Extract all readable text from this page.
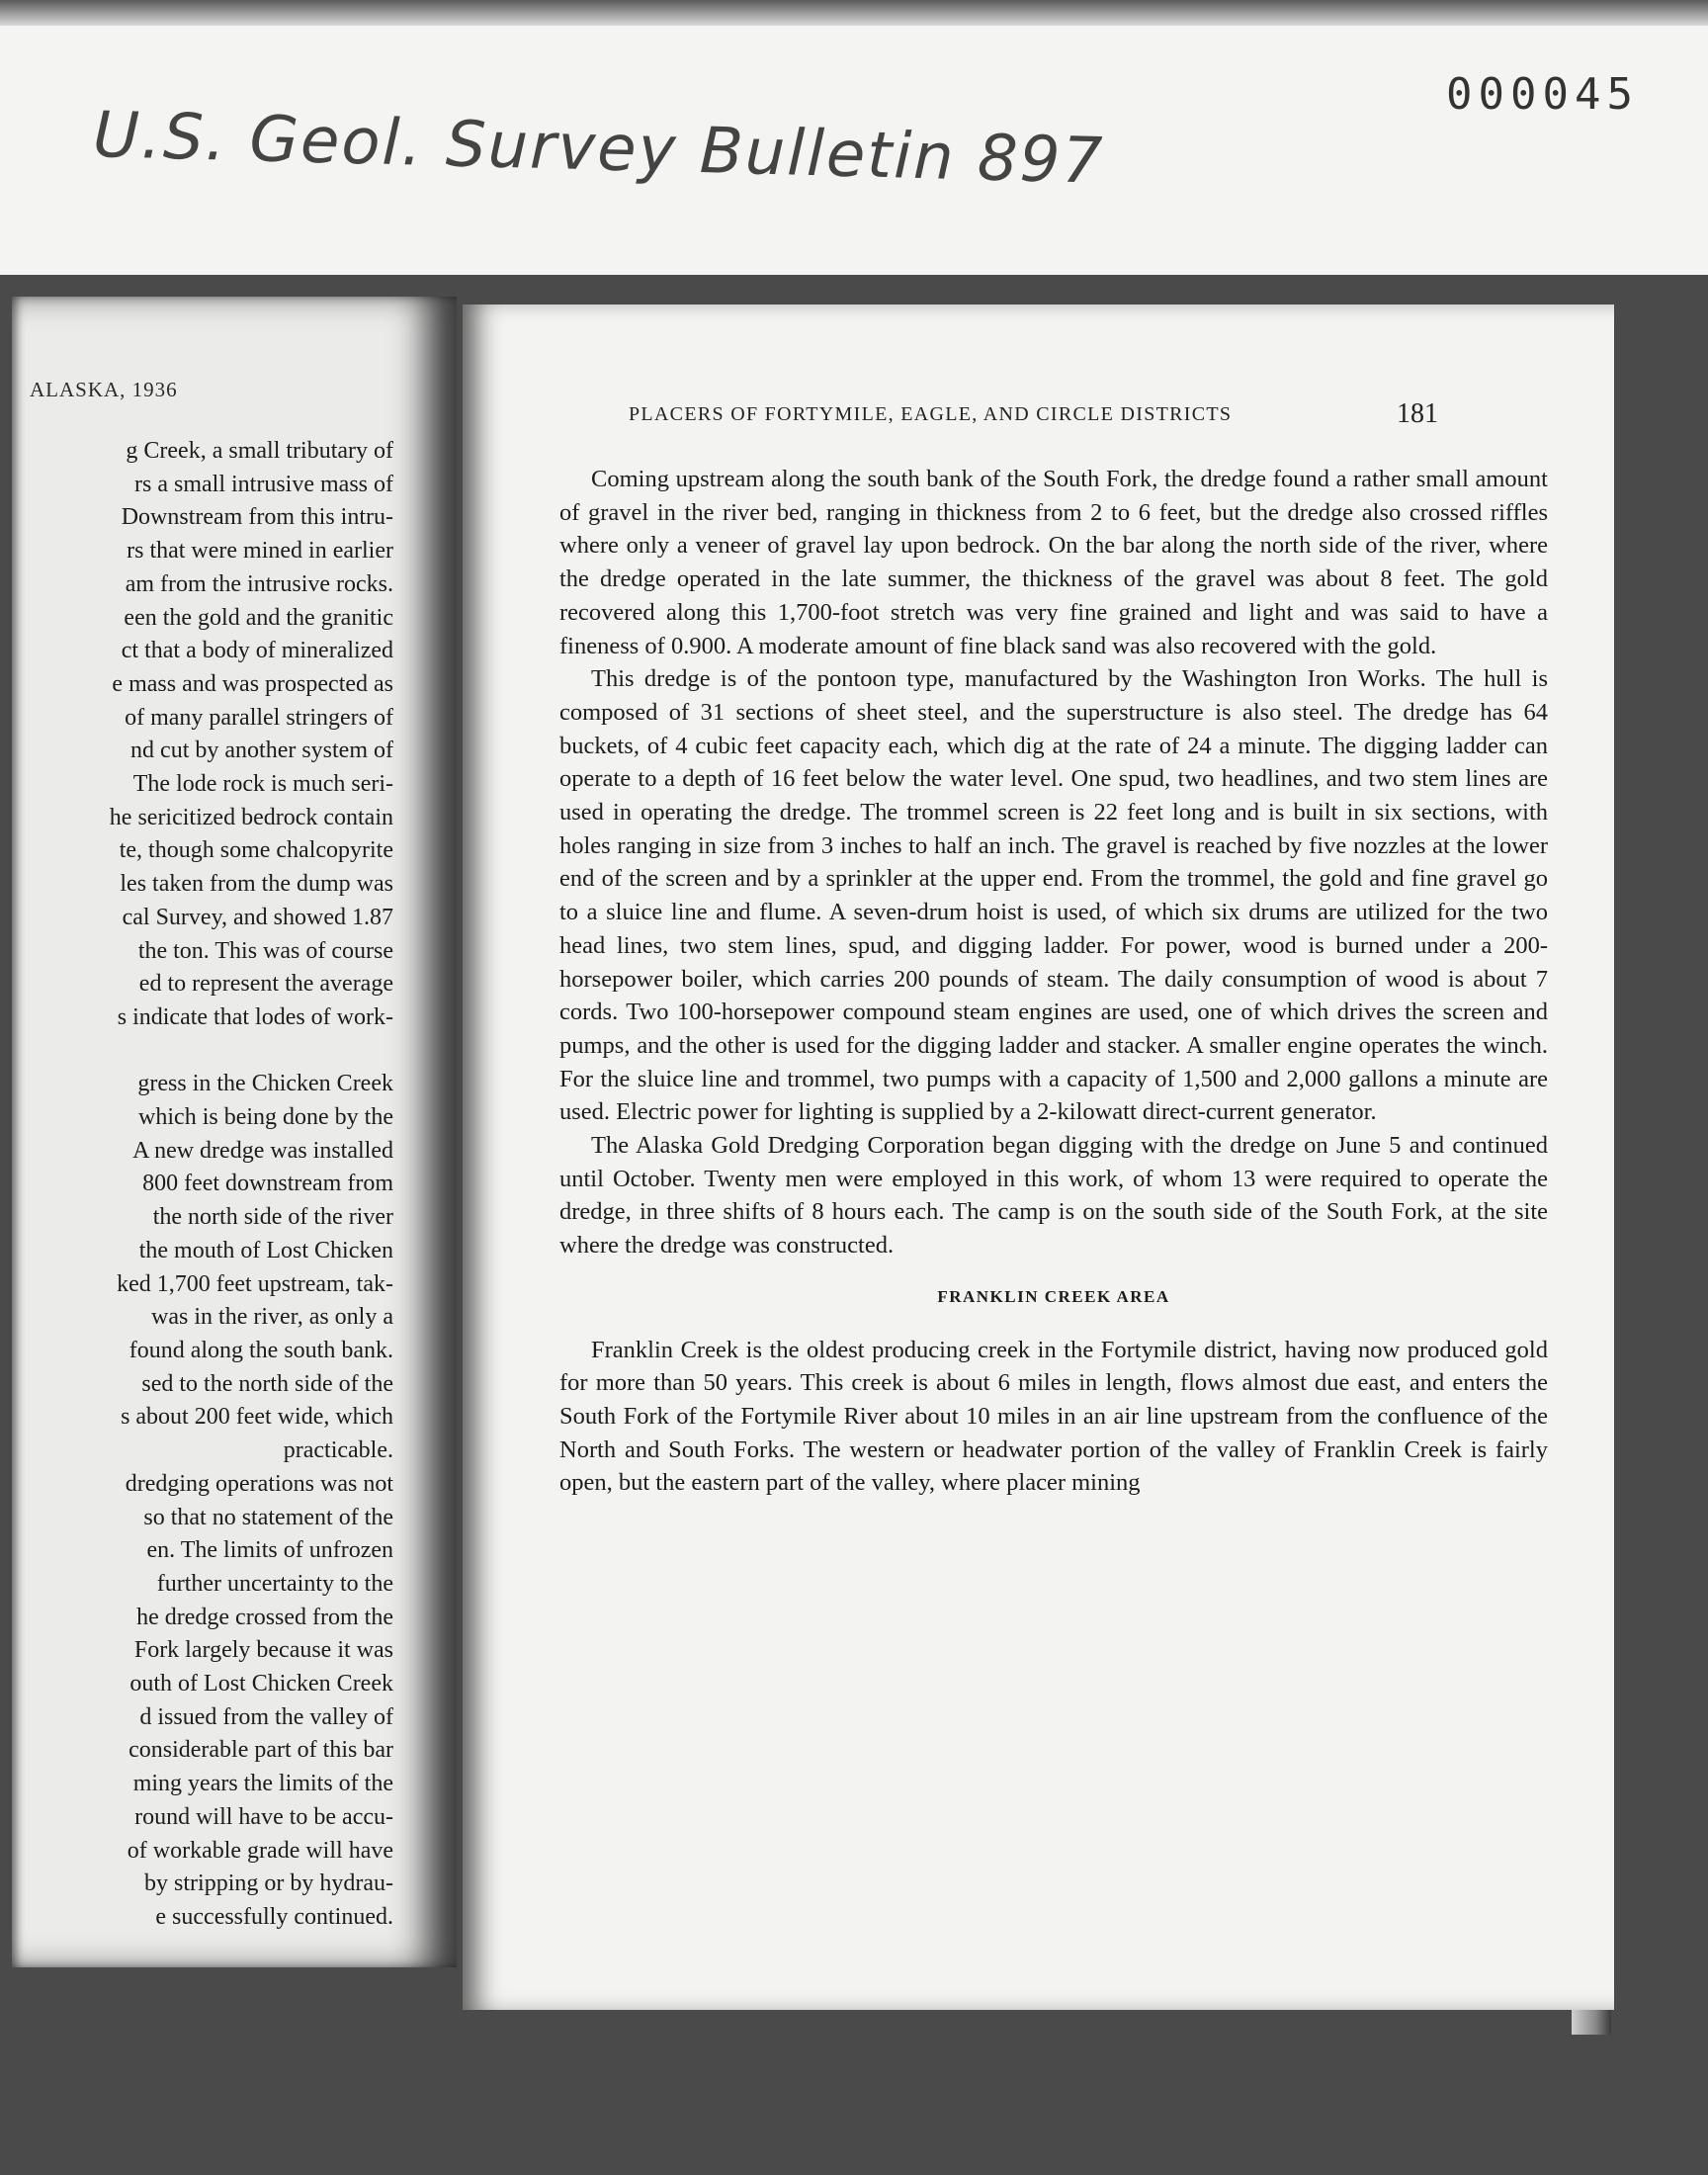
U.S. Geol. Survey Bulletin 897
000045
ALASKA, 1936
g Creek, a small tributary of
rs a small intrusive mass of
Downstream from this intru-
rs that were mined in earlier
am from the intrusive rocks.
een the gold and the granitic
ct that a body of mineralized
e mass and was prospected as
of many parallel stringers of
nd cut by another system of
The lode rock is much seri-
he sericitized bedrock contain
te, though some chalcopyrite
les taken from the dump was
cal Survey, and showed 1.87
the ton. This was of course
ed to represent the average
s indicate that lodes of work-

gress in the Chicken Creek
which is being done by the
A new dredge was installed
800 feet downstream from
the north side of the river
the mouth of Lost Chicken
ked 1,700 feet upstream, tak-
was in the river, as only a
found along the south bank.
sed to the north side of the
s about 200 feet wide, which
practicable.
dredging operations was not
so that no statement of the
en. The limits of unfrozen
further uncertainty to the
he dredge crossed from the
Fork largely because it was
outh of Lost Chicken Creek
d issued from the valley of
considerable part of this bar
ming years the limits of the
round will have to be accu-
of workable grade will have
by stripping or by hydrau-
e successfully continued.
PLACERS OF FORTYMILE, EAGLE, AND CIRCLE DISTRICTS	181

Coming upstream along the south bank of the South Fork, the dredge found a rather small amount of gravel in the river bed, ranging in thickness from 2 to 6 feet, but the dredge also crossed riffles where only a veneer of gravel lay upon bedrock. On the bar along the north side of the river, where the dredge operated in the late summer, the thickness of the gravel was about 8 feet. The gold recovered along this 1,700-foot stretch was very fine grained and light and was said to have a fineness of 0.900. A moderate amount of fine black sand was also recovered with the gold.

This dredge is of the pontoon type, manufactured by the Washington Iron Works. The hull is composed of 31 sections of sheet steel, and the superstructure is also steel. The dredge has 64 buckets, of 4 cubic feet capacity each, which dig at the rate of 24 a minute. The digging ladder can operate to a depth of 16 feet below the water level. One spud, two headlines, and two stem lines are used in operating the dredge. The trommel screen is 22 feet long and is built in six sections, with holes ranging in size from 3 inches to half an inch. The gravel is reached by five nozzles at the lower end of the screen and by a sprinkler at the upper end. From the trommel, the gold and fine gravel go to a sluice line and flume. A seven-drum hoist is used, of which six drums are utilized for the two head lines, two stem lines, spud, and digging ladder. For power, wood is burned under a 200-horsepower boiler, which carries 200 pounds of steam. The daily consumption of wood is about 7 cords. Two 100-horsepower compound steam engines are used, one of which drives the screen and pumps, and the other is used for the digging ladder and stacker. A smaller engine operates the winch. For the sluice line and trommel, two pumps with a capacity of 1,500 and 2,000 gallons a minute are used. Electric power for lighting is supplied by a 2-kilowatt direct-current generator.

The Alaska Gold Dredging Corporation began digging with the dredge on June 5 and continued until October. Twenty men were employed in this work, of whom 13 were required to operate the dredge, in three shifts of 8 hours each. The camp is on the south side of the South Fork, at the site where the dredge was constructed.

FRANKLIN CREEK AREA

Franklin Creek is the oldest producing creek in the Fortymile district, having now produced gold for more than 50 years. This creek is about 6 miles in length, flows almost due east, and enters the South Fork of the Fortymile River about 10 miles in an air line upstream from the confluence of the North and South Forks. The western or headwater portion of the valley of Franklin Creek is fairly open, but the eastern part of the valley, where placer mining
